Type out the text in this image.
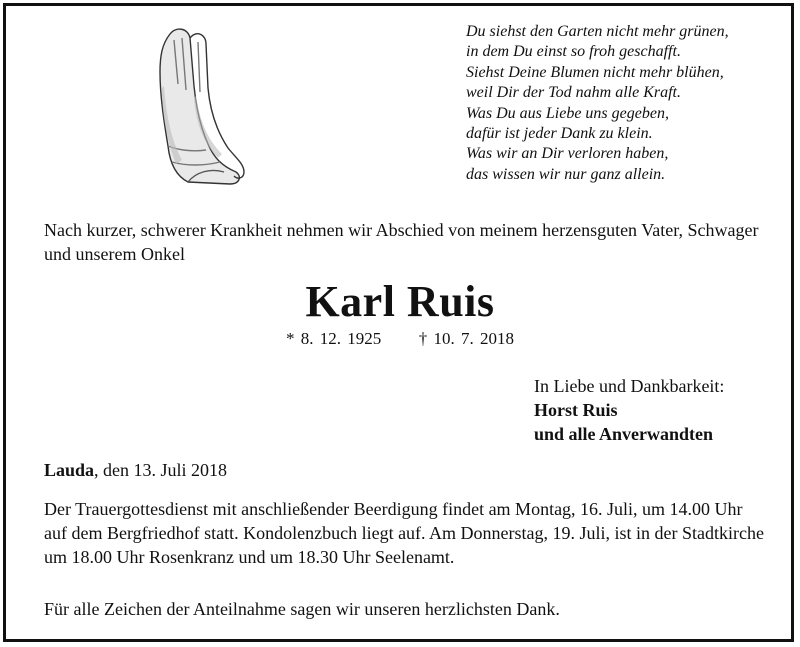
Du siehst den Garten nicht mehr grünen,
in dem Du einst so froh geschafft.
Siehst Deine Blumen nicht mehr blühen,
weil Dir der Tod nahm alle Kraft.
Was Du aus Liebe uns gegeben,
dafür ist jeder Dank zu klein.
Was wir an Dir verloren haben,
das wissen wir nur ganz allein.
Nach kurzer, schwerer Krankheit nehmen wir Abschied von meinem herzensguten Vater, Schwager und unserem Onkel
Karl Ruis
* 8. 12. 1925 † 10. 7. 2018
In Liebe und Dankbarkeit:
Horst Ruis
und alle Anverwandten
Lauda, den 13. Juli 2018
Der Trauergottesdienst mit anschließender Beerdigung findet am Montag, 16. Juli, um 14.00 Uhr auf dem Bergfriedhof statt. Kondolenzbuch liegt auf. Am Donnerstag, 19. Juli, ist in der Stadtkirche um 18.00 Uhr Rosenkranz und um 18.30 Uhr Seelenamt.
Für alle Zeichen der Anteilnahme sagen wir unseren herzlichsten Dank.
